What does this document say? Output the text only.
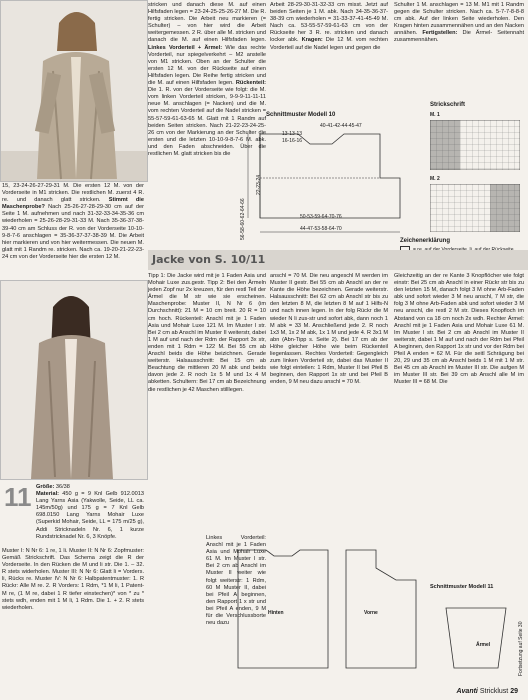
15, 23-24-26-27-29-31 M. Die ersten 12 M. von der Vorderseite in M1 stricken. Die restlichen M. zuerst 4 R. re. und danach glatt stricken. Stimmt die Maschenprobe? Nach 25-26-27-28-29-30 cm auf der Seite 1 M. aufnehmen und nach 31-32-33-34-35-36 cm wiederholen = 25-26-28-29-31-33 M. Nach 35-36-37-38-39-40 cm am Schluss der R. von der Vorderseite 10-10-9-8-7-6 anschlagen = 35-36-37-37-38-39 M. Die Arbeit hier markieren und von hier weitermessen. Die neuen M. glatt mit 1 Randm re. stricken. Nach ca. 19-20-21-22-23-24 cm von der Vorderseite hier die ersten 12 M.

stricken und danach diese M. auf einen Hilfsfaden legen = 23-24-25-25-26-27 M. Die R. fertig stricken. Die Arbeit neu markieren (= Schulter) – von hier wird die Arbeit weitergemessen. 2 R. über alle M. stricken und danach die M. auf einen Hilfsfaden legen. Linkes Vorderteil + Ärmel: Wie das rechte Vorderteil, nur spiegelverkehrt – M2 anstelle von M1 stricken. Oben an der Schulter die ersten 12 M. von der Rückseite auf einen Hilfsfaden legen. Die Reihe fertig stricken und die M. auf einen Hilfsfaden legen. Rückenteil: Die 1. R. von der Vorderseite wie folgt: die M. vom linken Vorderteil stricken, 9-9-9-11-11-11 neue M. anschlagen (= Nacken) und die M. vom rechten Vorderteil auf die Nadel stricken = 55-57-59-61-63-65 M. Glatt mit 1 Randm auf beiden Seiten stricken. Nach 21-22-23-24-25-26 cm von der Markierung an der Schulter die ersten und die letzten 10-10-9-8-7-6 M. abk. und den Faden abschneiden. Über die restlichen M. glatt stricken bis die

Arbeit 28-29-30-31-32-33 cm misst. Jetzt auf beiden Seiten je 1 M. abk. Nach 34-35-36-37-38-39 cm wiederholen = 31-33-37-41-45-49 M. Nach ca. 53-55-57-59-61-63 cm von der Rückseite her 3 R. re. stricken und danach locker abk. Kragen: Die 12 M. vom rechten Vorderteil auf die Nadel legen und gegen die

Schulter 1 M. anschlagen = 13 M. M1 mit 1 Randm gegen die Schulter stricken. Nach ca. 5-7-7-8-8-8 cm abk. Auf der linken Seite wiederholen. Den Kragen hinten zusammennähen und an den Nacken annähen. Fertigstellen: Die Ärmel- Seitennaht zusammennähen.

Schnittmuster Modell 10
40-41-42-44-45-47
13-13-13
16-16-16
50-53-59-64-70-76
44-47-53-58-64-70
56-58-60-62-64-66
22-23-24
Strickschrift
M. 1
M. 2
Zeichenerklärung
Jacke von S. 10/11
11 Größe: 36/38

Material: 450 g = 9 Knl Gelb 912.0013 Lang Yarns Asia (Yakwolle, Seide, LL ca. 145m/50g) und 175 g = 7 Knl Gelb 698.0150 Lang Yarns Mohair Luxe (Superkid Mohair, Seide, LL = 175 m/25 g), Addi Stricknadeln Nr. 6, 1 kurze Rundstricknadel Nr. 6, 3 Knöpfe.

Muster I: N Nr 6: 1 re, 1 li. Muster II: N Nr 6: Zopfmuster: Gemäß Strickschrift. Das Schema zeigt die R der Vorderseite. In den Rücken die M und li str. Die 1. – 32. R stets widerholen. Muster III: N Nr 6: Glatt li = Vorders. li, Rücks re. Muster IV: N Nr 6: Halbpatentmuster: 1. R Rückr: Alle M re. 2. R Vorders: 1 Rdm, *1 M li, 1 Patent-M re, (1 M re, dabei 1 R tiefer einstechen)* von * zu * stets wdh, enden mit 1 M li, 1 Rdm. Die 1. + 2. R stets wiederholen.

Tipp 1: Die Jacke wird mit je 1 Faden Asia und Mohair Luxe zus.gestr. Tipp 2: Bei den Ärmeln jeden Zopf nur 2x kreuzen, für den restl Teil der Ärmel die M str wie sie erscheinen. Maschenprobe: Muster II, N Nr 6 (im Durchschnitt): 21 M = 10 cm breit. 20 R = 10 cm hoch. Rückenteil: Anschl mit je 1 Faden Asia und Mohair Luxe 121 M. Im Muster I str. Bei 2 cm ab Anschl im Muster II weiterstr, dabei 1 M auf und nach der Rdm der Rapport 3x str, enden mit 1 Rdm = 122 M. Bei 55 cm ab Anschl beids die Höhe beizichnen. Gerade weiterstr. Halsausschnitt: Bei 15 cm ab Beachtung die mittleren 20 M abk und beids davon jede 2. R noch 1x 5 M und 1x 4 M abketten. Schultern: Bei 17 cm ab Bezeichnung die restlichen je 42 Maschen stilllegen.

Linkes Vorderteil: Anschl mit je 1 Faden Asia und Mohair Luxe 61 M. Im Muster I str. Bei 2 cm ab Anschl im Muster II weiter wie folgt weiterstr: 1 Rdm, 60 M Muster II, dabei bei Pfeil A beginnen, den Rapport 1 x str und bei Pfeil A enden, 9 M für die Verschlussborte neu dazu

anschl = 70 M. Die neu angeschl M werden im Muster II gestr. Bei 55 cm ab Anschl an der re Kante die Höhe bezeichnen. Gerade weiterstr. Halsausschnitt: Bei 62 cm ab Anschl str bis zu den letzten 8 M, die letzten 8 M auf 1 Hilfs-N und nach innen legen. In der folg Rückr die M wieder N li zus-str und sofort abk, dann noch 1 M abk = 33 M. Anschließend jede 2. R noch 1x3 M, 1x 2 M abk, 1x 1 M und jede 4. R 3x1 M abn (Abn-Tipp s. Seite 2). Bei 17 cm ab der Höhe gleicher Höhe wie beim Rückenteil liegenlassen. Rechtes Vorderteil: Gegengleich zum linken Vorderteil str, dabei das Muster II wie folgt einteilen: 1 Rdm, Muster II bei Pfeil B beginnen, den Rapport 1x str und bei Pfeil B enden, 9 M neu dazu anschl = 70 M.

Gleichzeitig an der re Kante 3 Knopflöcher wie folgt einstr: Bei 25 cm ab Anschl in einer Rückr str bis zu den letzten 15 M, danach folgt 3 M ohne Arb-Faden abk und sofort wieder 3 M neu anschl, 7 M str, die folg 3 M ohne Arb-Faden abk und sofort wieder 3 M neu anschl, die restl 2 M str. Dieses Knopfloch im Abstand von ca 18 cm noch 2x wdh. Rechter Ärmel: Anschl mit je 1 Faden Asia und Mohair Luxe 61 M. Im Muster I str. Bei 2 cm ab Anschl im Muster II weiterstr, dabei 1 M auf und nach der Rdm bei Pfeil A beginnen, den Rapport 1x str und vor der Rdm bei Pfeil A enden = 62 M. Für die seitl Schrägung bei 20, 29 und 35 cm ab Anschl beids 1 M mit 1 M str. Bei 45 cm ab Anschl im Muster III str. Die aufgen M im Muster III str. Bei 39 cm ab Anschl alle M im Muster III = 68 M. Die

Hinten	Vorne
Ärmel
Schnittmuster Modell 11
Fortsetzung auf Seite 30
Avanti Stricklust 29
